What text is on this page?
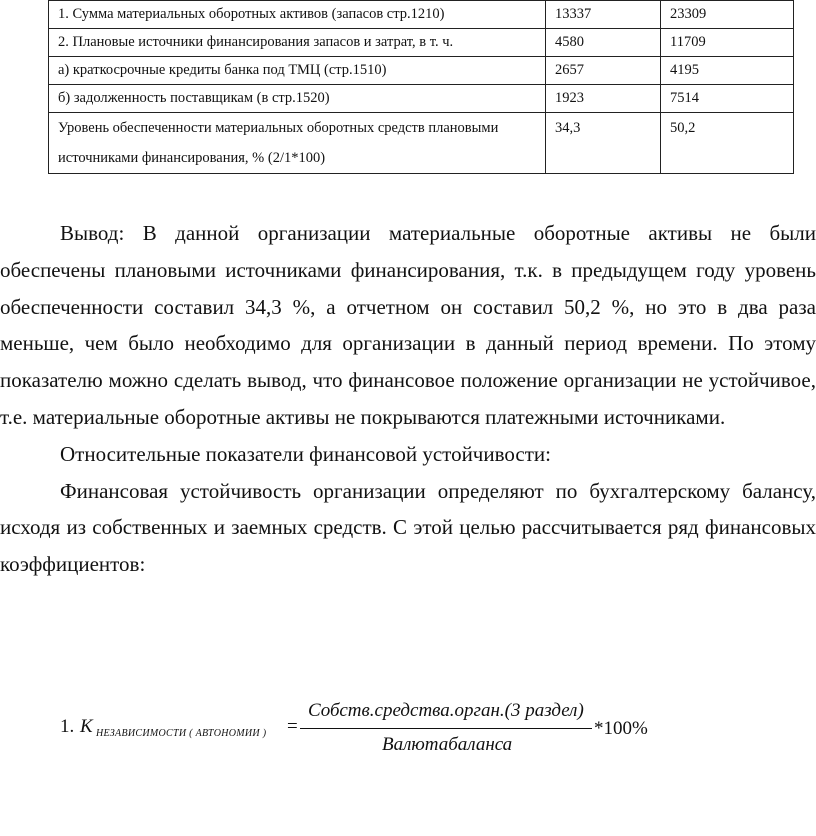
1. Сумма материальных оборотных активов (запасов стр.1210)	13337	23309
2. Плановые источники финансирования запасов и затрат, в т. ч.	4580	11709
а) краткосрочные кредиты банка под ТМЦ (стр.1510)	2657	4195
б) задолженность поставщикам (в стр.1520)	1923	7514
Уровень обеспеченности материальных оборотных средств плановыми источниками финансирования, % (2/1*100)	34,3	50,2

Вывод: В данной организации материальные оборотные активы не были обеспечены плановыми источниками финансирования, т.к. в предыдущем году уровень обеспеченности составил 34,3 %, а отчетном он составил 50,2 %, но это в два раза меньше, чем было необходимо для организации в данный период времени. По этому показателю можно сделать вывод, что финансовое положение организации не устойчивое, т.е. материальные оборотные активы не покрываются платежными источниками.

Относительные показатели финансовой устойчивости:

Финансовая устойчивость организации определяют по бухгалтерскому балансу, исходя из собственных и заемных средств. С этой целью рассчитывается ряд финансовых коэффициентов:

1. K НЕЗАВИСИМОСТИ ( АВТОНОМИИ ) =
Собств.средства.орган.(3 раздел)
Валютабаланса
*100%
